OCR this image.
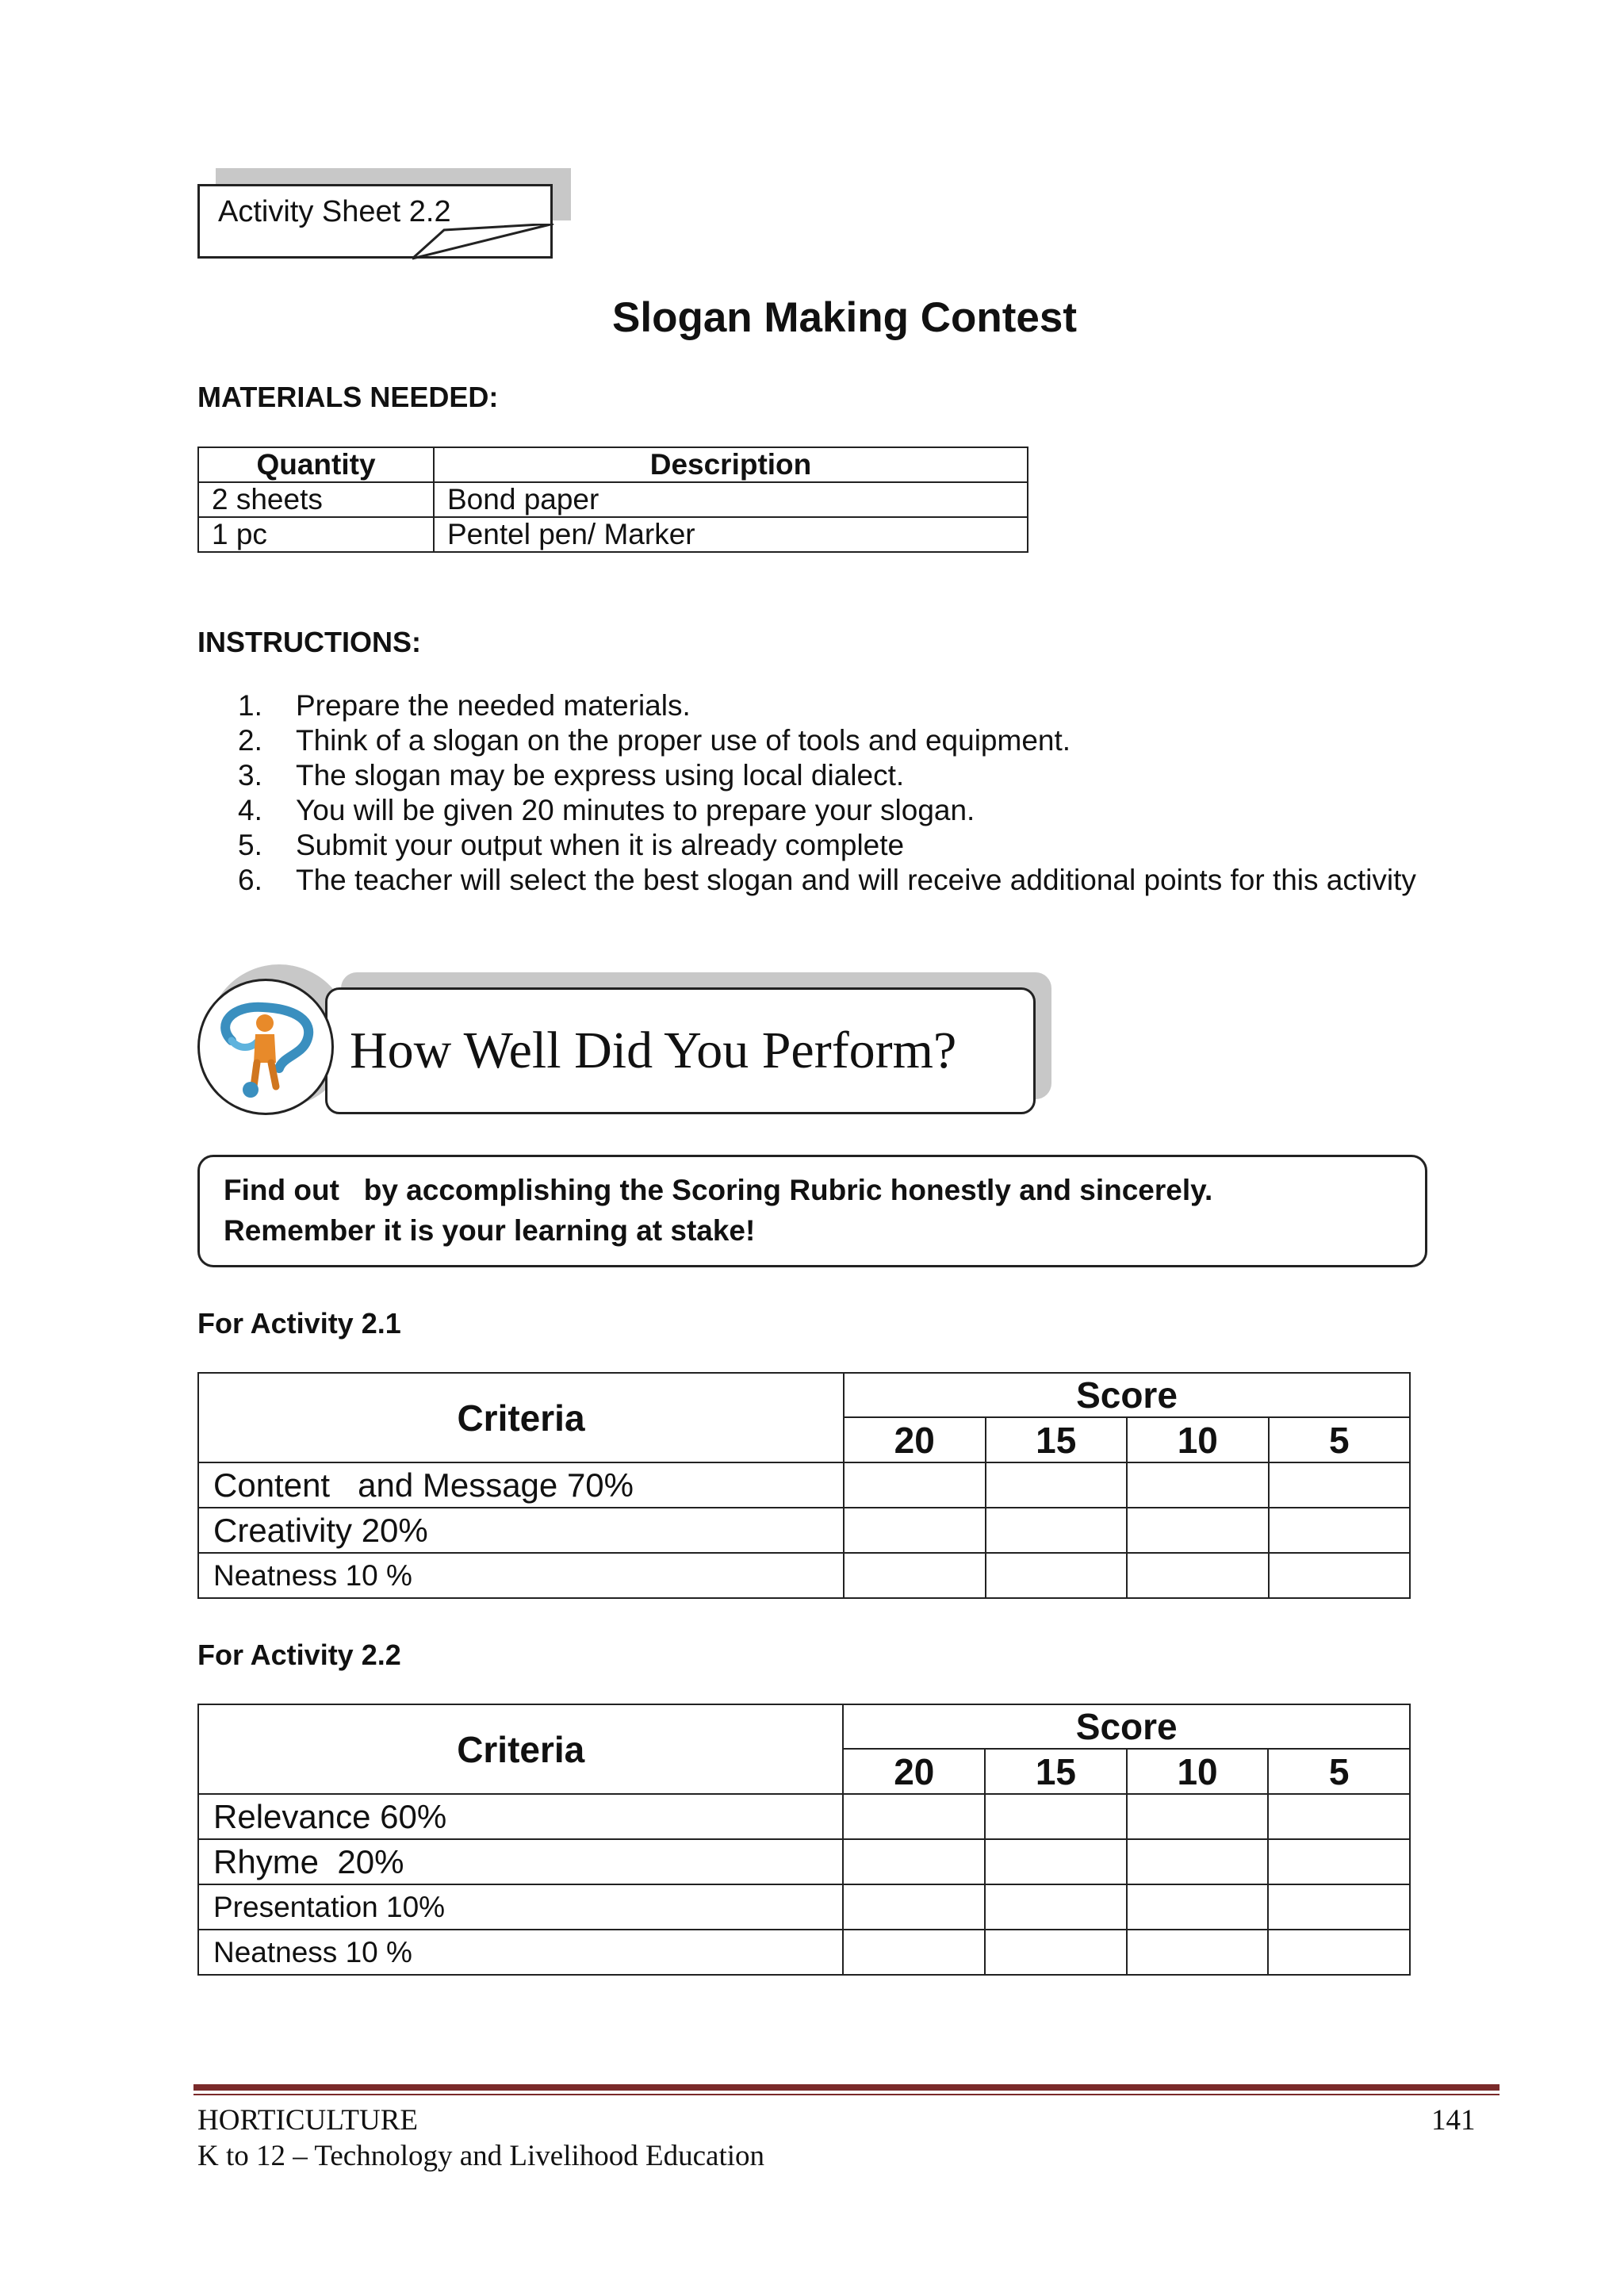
Activity Sheet 2.2
Slogan Making Contest
MATERIALS NEEDED:
Quantity	Description
2 sheets	Bond paper
1 pc	Pentel pen/ Marker
INSTRUCTIONS:
1.	Prepare the needed materials.
2.	Think of a slogan on the proper use of tools and equipment.
3.	The slogan may be express using local dialect.
4.	You will be given 20 minutes to prepare your slogan.
5.	Submit your output when it is already complete
6.	The teacher will select the best slogan and will receive additional points for this activity
How Well Did You Perform?
Find out   by accomplishing the Scoring Rubric honestly and sincerely.
Remember it is your learning at stake!
For Activity 2.1
Criteria	Score			
	20	15	10	5
Content   and Message 70%				
Creativity 20%				
Neatness 10 %				
For Activity 2.2
Criteria	Score			
	20	15	10	5
Relevance 60%				
Rhyme  20%				
Presentation 10%				
Neatness 10 %				
HORTICULTURE
K to 12 – Technology and Livelihood Education
141
